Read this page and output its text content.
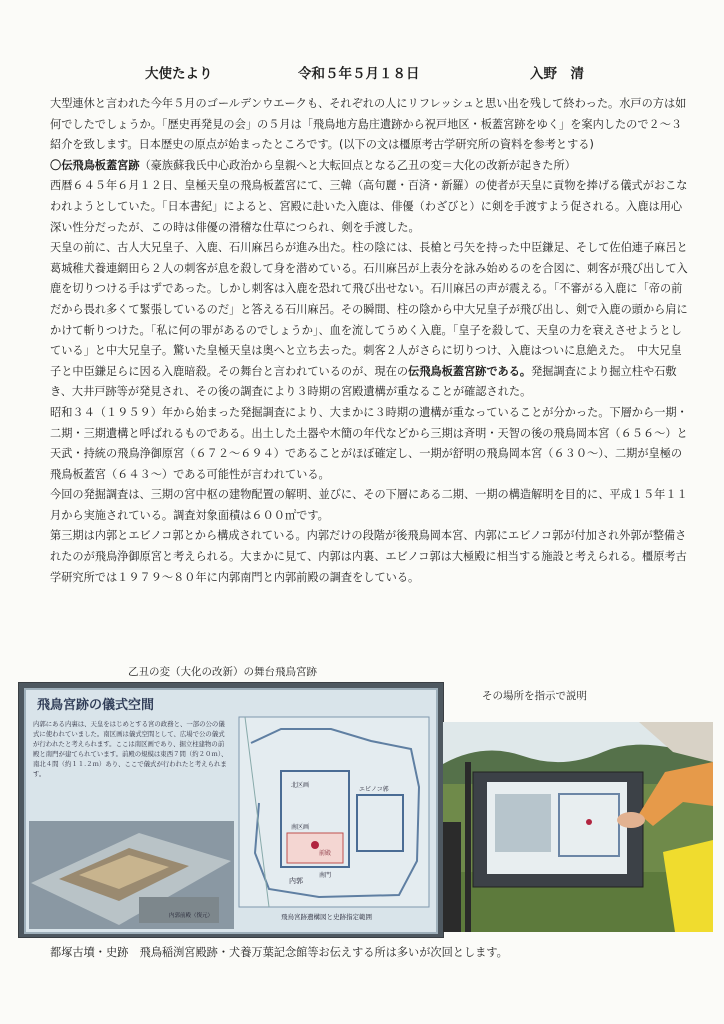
大使たより	令和５年５月１８日	入野　清

大型連休と言われた今年５月のゴールデンウエークも、それぞれの人にリフレッシュと思い出を残して終わった。水戸の方は如何でしたでしょうか。「歴史再発見の会」の５月は「飛鳥地方島庄遺跡から祝戸地区・板蓋宮跡をゆく」を案内したので２〜３紹介を致します。日本歴史の原点が始まったところです。(以下の文は橿原考古学研究所の資料を参考とする)

〇伝飛鳥板蓋宮跡（豪族蘇我氏中心政治から皇親へと大転回点となる乙丑の変＝大化の改新が起きた所）

西暦６４５年６月１２日、皇極天皇の飛鳥板蓋宮にて、三韓（高句麗・百済・新羅）の使者が天皇に貢物を捧げる儀式がおこなわれようとしていた。「日本書紀」によると、宮殿に赴いた入鹿は、俳優（わざびと）に剣を手渡すよう促される。入鹿は用心深い性分だったが、この時は俳優の滑稽な仕草につられ、剣を手渡した。

天皇の前に、古人大兄皇子、入鹿、石川麻呂らが進み出た。柱の陰には、長槍と弓矢を持った中臣鎌足、そして佐伯連子麻呂と葛城稚犬養連網田ら２人の刺客が息を殺して身を潜めている。石川麻呂が上表分を詠み始めるのを合図に、刺客が飛び出して入鹿を切りつける手はずであった。しかし刺客は入鹿を恐れて飛び出せない。石川麻呂の声が震える。「不審がる入鹿に「帝の前だから畏れ多くて緊張しているのだ」と答える石川麻呂。その瞬間、柱の陰から中大兄皇子が飛び出し、剣で入鹿の頭から肩にかけて斬りつけた。「私に何の罪があるのでしょうか」、血を流してうめく入鹿。「皇子を殺して、天皇の力を衰えさせようとしている」と中大兄皇子。驚いた皇極天皇は奥へと立ち去った。刺客２人がさらに切りつけ、入鹿はついに息絶えた。　中大兄皇子と中臣鎌足らに因る入鹿暗殺。その舞台と言われているのが、現在の伝飛鳥板蓋宮跡である。発掘調査により掘立柱や石敷き、大井戸跡等が発見され、その後の調査により３時期の宮殿遺構が重なることが確認された。

昭和３４（１９５９）年から始まった発掘調査により、大まかに３時期の遺構が重なっていることが分かった。下層から一期・二期・三期遺構と呼ばれるものである。出土した土器や木簡の年代などから三期は斉明・天智の後の飛鳥岡本宮（６５６〜）と天武・持統の飛鳥浄御原宮（６７２〜６９４）であることがほぼ確定し、一期が舒明の飛鳥岡本宮（６３０〜）、二期が皇極の飛鳥板蓋宮（６４３〜）である可能性が言われている。

今回の発掘調査は、三期の宮中枢の建物配置の解明、並びに、その下層にある二期、一期の構造解明を目的に、平成１５年１１月から実施されている。調査対象面積は６００㎡です。

第三期は内郭とエビノコ郭とから構成されている。内郭だけの段階が後飛鳥岡本宮、内郭にエビノコ郭が付加され外郭が整備されたのが飛鳥浄御原宮と考えられる。大まかに見て、内郭は内裏、エビノコ郭は大極殿に相当する施設と考えられる。橿原考古学研究所では１９７９〜８０年に内郭南門と内郭前殿の調査をしている。

乙丑の変（大化の改新）の舞台飛鳥宮跡
その場所を指示で説明
飛鳥宮跡の儀式空間
内郭にある内裏は、天皇をはじめとする宮の政務と、一部の公の儀式に使われていました。南区画は儀式空間として、広場で公の儀式が行われたと考えられます。ここは南区画であり、掘立柱建物の前殿と南門が建てられています。前殿の規模は東西７間（約２０ｍ）、南北４間（約１１.２ｍ）あり、ここで儀式が行われたと考えられます。
内郭前殿（復元）
内郭
エビノコ郭
南門
前殿
北区画
南区画
飛鳥宮跡遺構図と史跡指定範囲
都塚古墳・史跡　飛鳥稲渕宮殿跡・犬養万葉記念館等お伝えする所は多いが次回とします。
